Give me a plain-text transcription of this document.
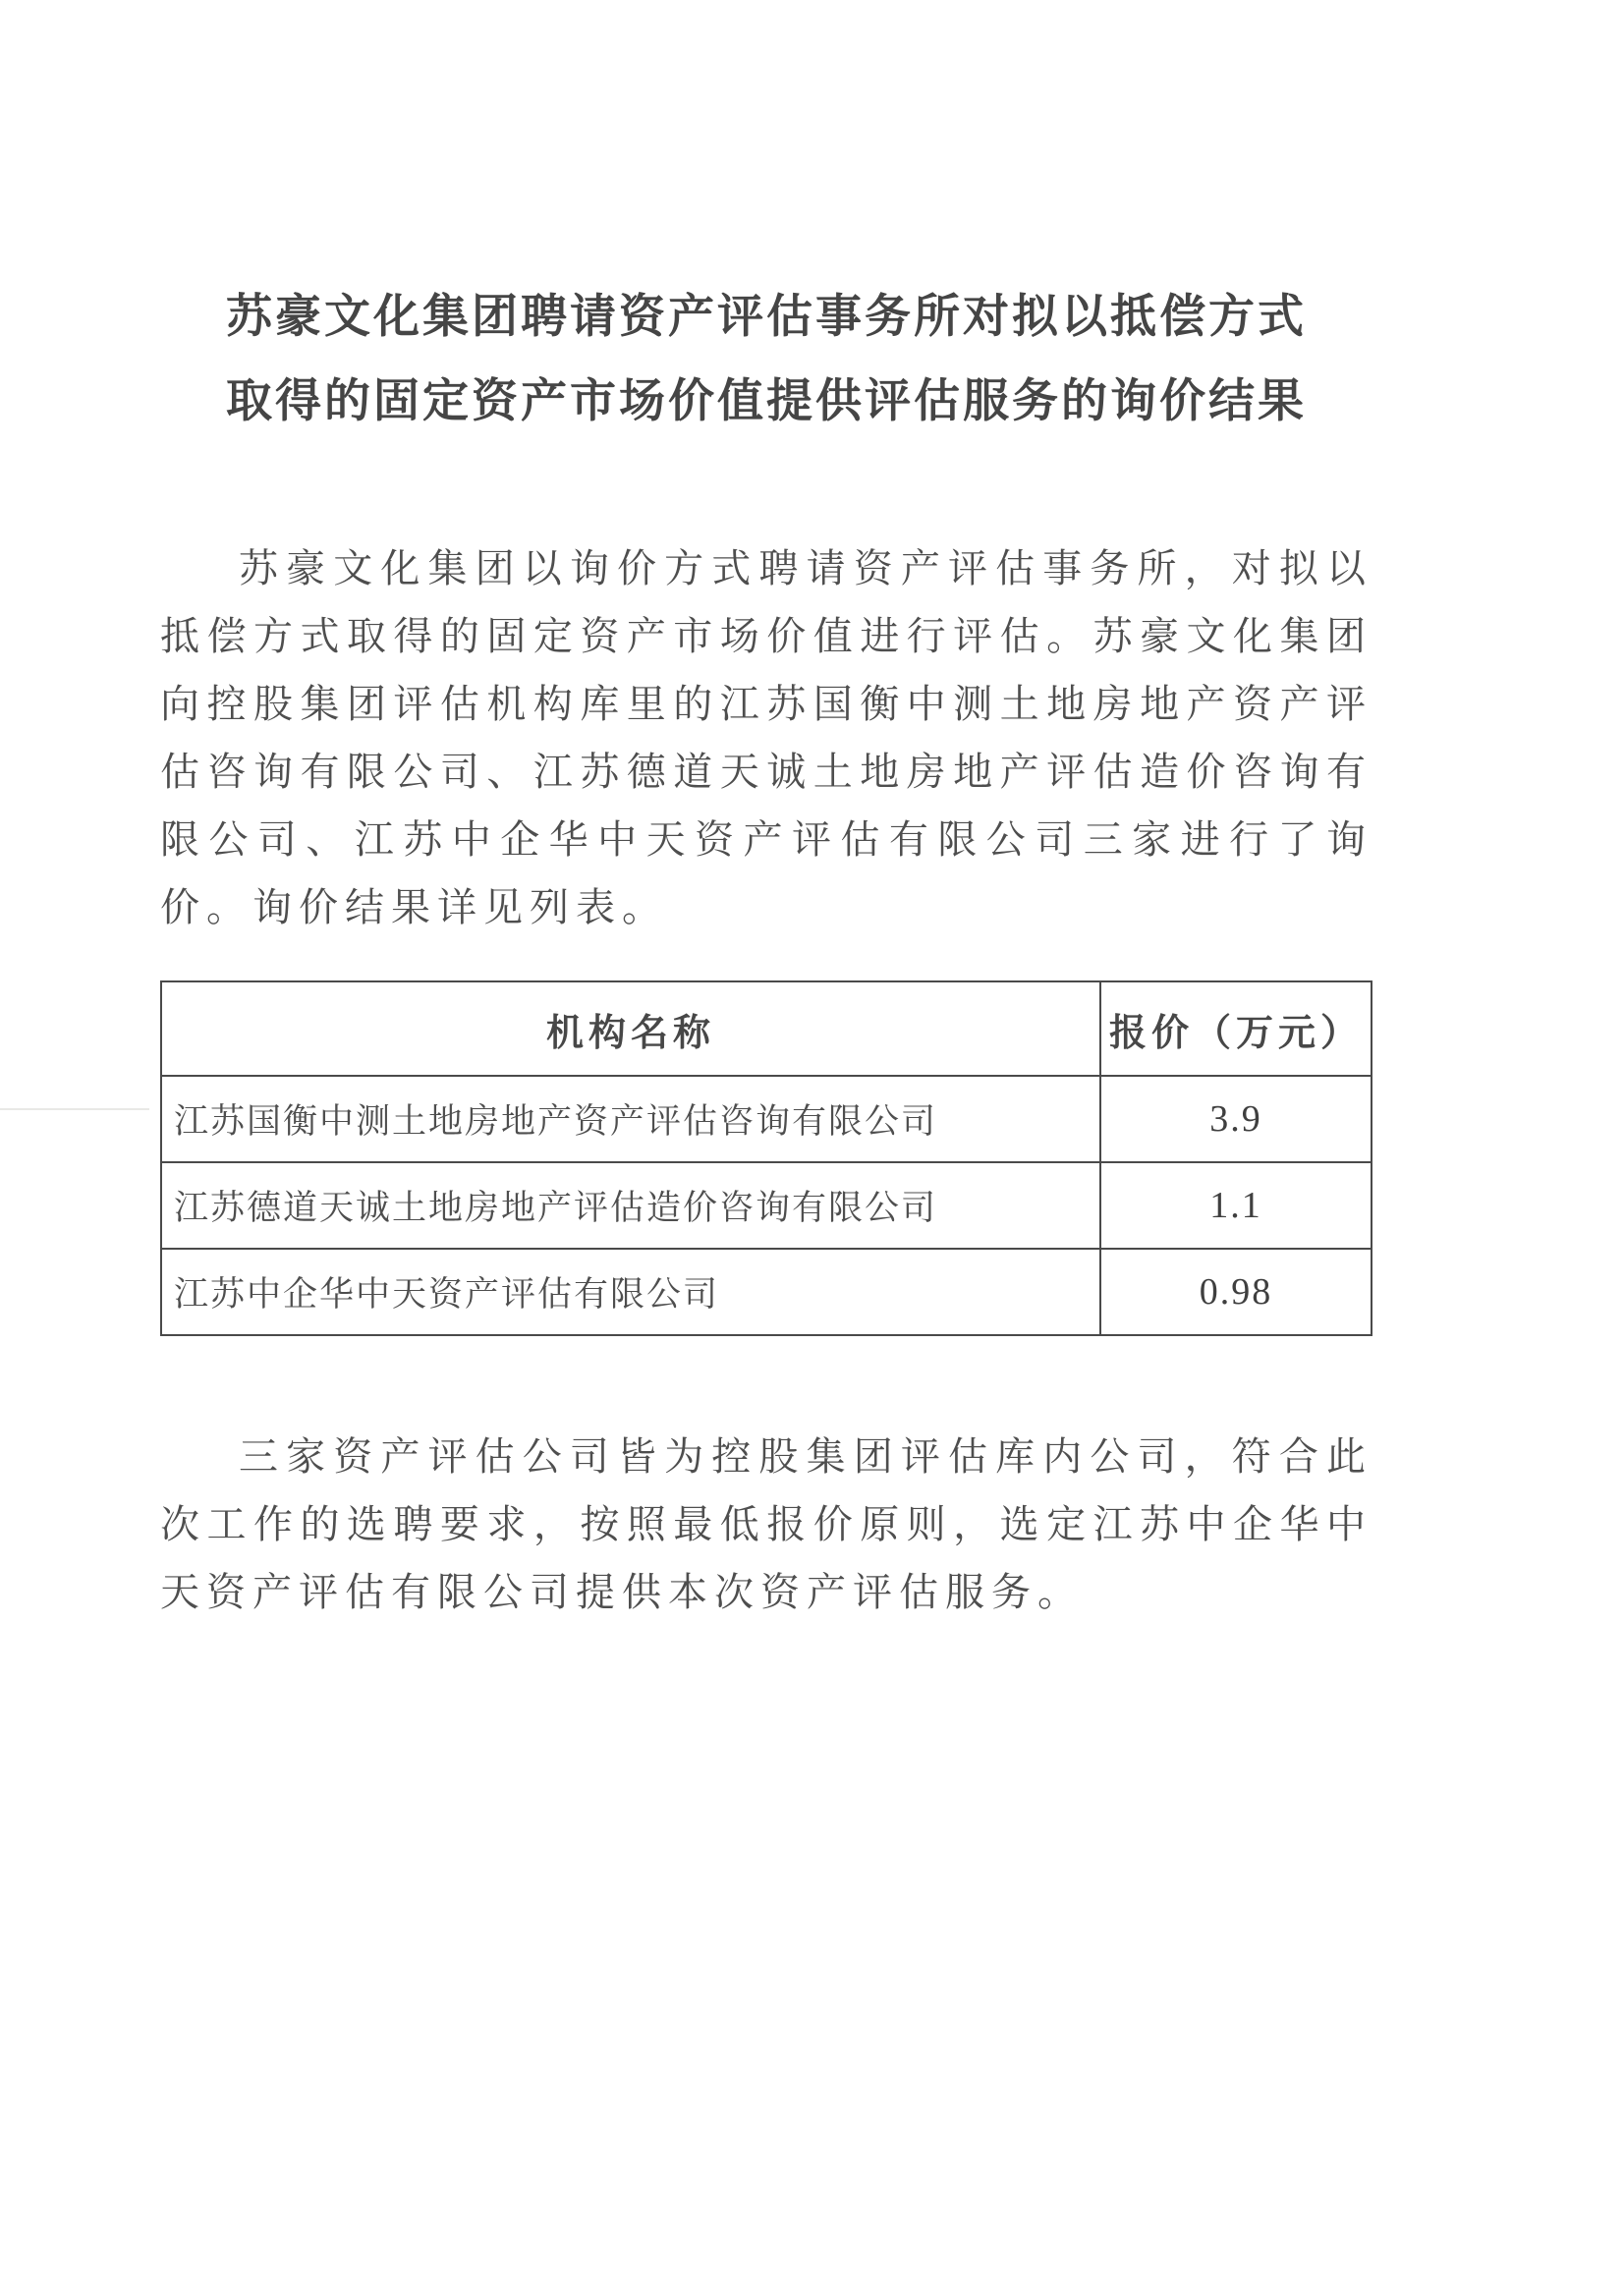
苏豪文化集团聘请资产评估事务所对拟以抵偿方式
取得的固定资产市场价值提供评估服务的询价结果

苏豪文化集团以询价方式聘请资产评估事务所，对拟以抵偿方式取得的固定资产市场价值进行评估。苏豪文化集团向控股集团评估机构库里的江苏国衡中测土地房地产资产评估咨询有限公司、江苏德道天诚土地房地产评估造价咨询有限公司、江苏中企华中天资产评估有限公司三家进行了询价。询价结果详见列表。

机构名称	报价（万元）
江苏国衡中测土地房地产资产评估咨询有限公司	3.9
江苏德道天诚土地房地产评估造价咨询有限公司	1.1
江苏中企华中天资产评估有限公司	0.98

三家资产评估公司皆为控股集团评估库内公司，符合此次工作的选聘要求，按照最低报价原则，选定江苏中企华中天资产评估有限公司提供本次资产评估服务。
